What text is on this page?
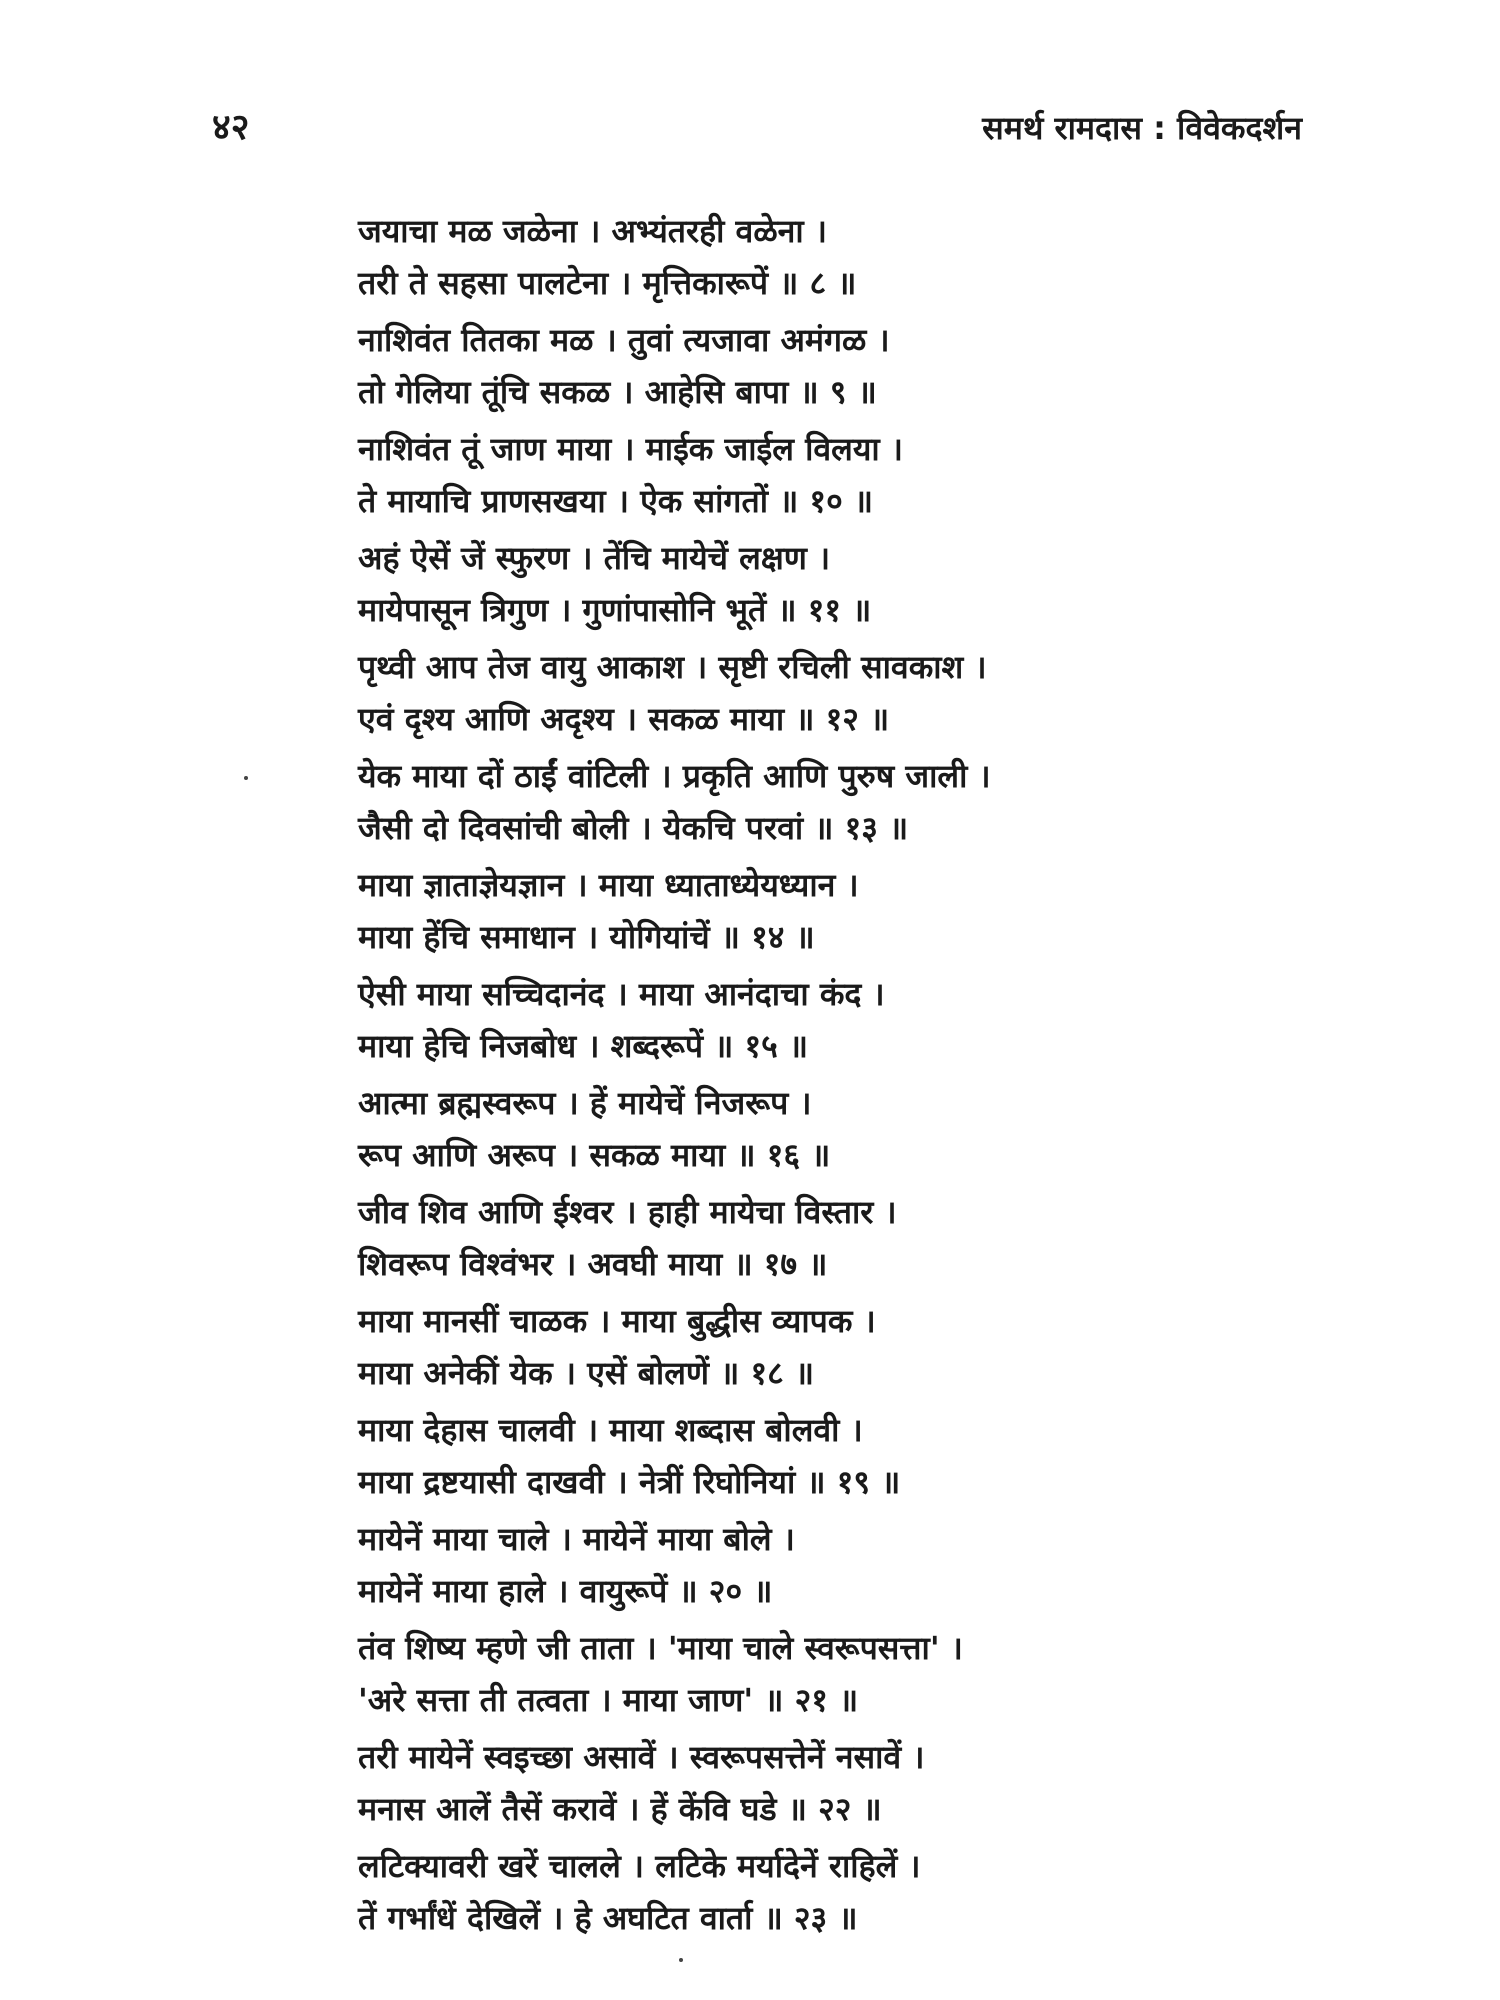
४२	समर्थ रामदास : विवेकदर्शन
जयाचा मळ जळेना । अभ्यंतरही वळेना ।
तरी ते सहसा पालटेना । मृत्तिकारूपें ॥ ८ ॥
नाशिवंत तितका मळ । तुवां त्यजावा अमंगळ ।
तो गेलिया तूंचि सकळ । आहेसि बापा ॥ ९ ॥
नाशिवंत तूं जाण माया । माईक जाईल विलया ।
ते मायाचि प्राणसखया । ऐक सांगतों ॥ १० ॥
अहं ऐसें जें स्फुरण । तेंचि मायेचें लक्षण ।
मायेपासून त्रिगुण । गुणांपासोनि भूतें ॥ ११ ॥
पृथ्वी आप तेज वायु आकाश । सृष्टी रचिली सावकाश ।
एवं दृश्य आणि अदृश्य । सकळ माया ॥ १२ ॥
येक माया दों ठाईं वांटिली । प्रकृति आणि पुरुष जाली ।
जैसी दो दिवसांची बोली । येकचि परवां ॥ १३ ॥
माया ज्ञाताज्ञेयज्ञान । माया ध्याताध्येयध्यान ।
माया हेंचि समाधान । योगियांचें ॥ १४ ॥
ऐसी माया सच्चिदानंद । माया आनंदाचा कंद ।
माया हेचि निजबोध । शब्दरूपें ॥ १५ ॥
आत्मा ब्रह्मस्वरूप । हें मायेचें निजरूप ।
रूप आणि अरूप । सकळ माया ॥ १६ ॥
जीव शिव आणि ईश्वर । हाही मायेचा विस्तार ।
शिवरूप विश्वंभर । अवघी माया ॥ १७ ॥
माया मानसीं चाळक । माया बुद्धीस व्यापक ।
माया अनेकीं येक । एसें बोलणें ॥ १८ ॥
माया देहास चालवी । माया शब्दास बोलवी ।
माया द्रष्टयासी दाखवी । नेत्रीं रिघोनियां ॥ १९ ॥
मायेनें माया चाले । मायेनें माया बोले ।
मायेनें माया हाले । वायुरूपें ॥ २० ॥
तंव शिष्य म्हणे जी ताता । 'माया चाले स्वरूपसत्ता' ।
'अरे सत्ता ती तत्वता । माया जाण' ॥ २१ ॥
तरी मायेनें स्वइच्छा असावें । स्वरूपसत्तेनें नसावें ।
मनास आलें तैसें करावें । हें केंवि घडे ॥ २२ ॥
लटिक्यावरी खरें चालले । लटिके मर्यादेनें राहिलें ।
तें गर्भांधें देखिलें । हे अघटित वार्ता ॥ २३ ॥
